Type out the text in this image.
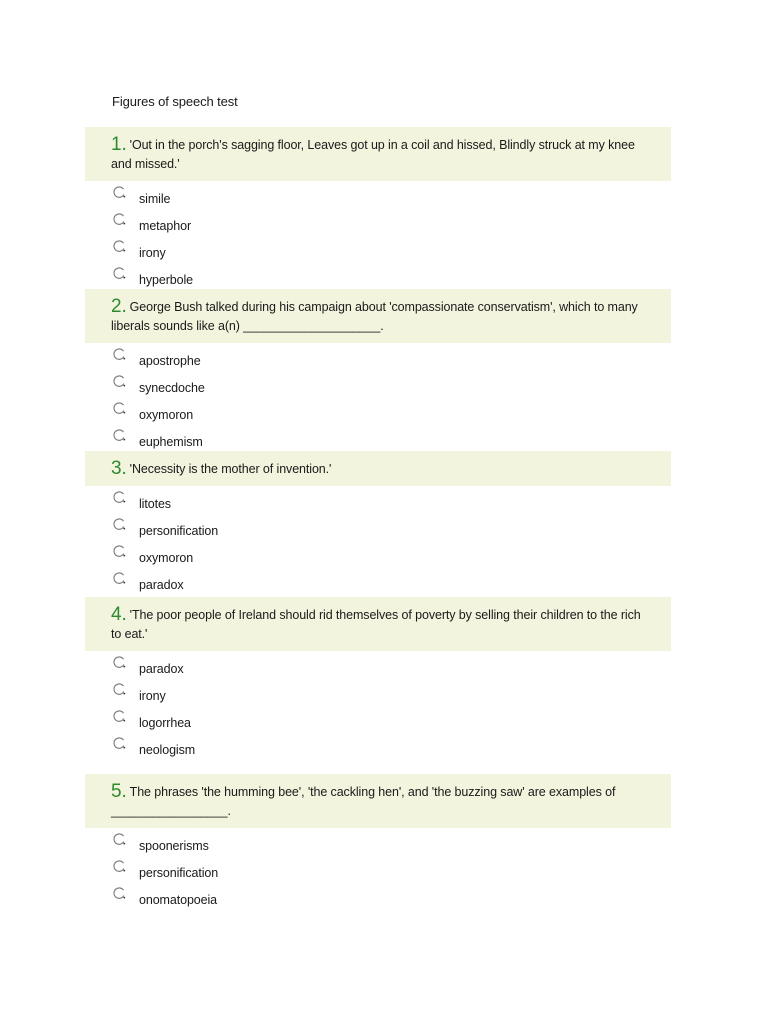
Figures of speech test
1. 'Out in the porch's sagging floor, Leaves got up in a coil and hissed, Blindly struck at my knee and missed.'
simile
metaphor
irony
hyperbole
2. George Bush talked during his campaign about 'compassionate conservatism', which to many liberals sounds like a(n) ____________________.
apostrophe
synecdoche
oxymoron
euphemism
3. 'Necessity is the mother of invention.'
litotes
personification
oxymoron
paradox
4. 'The poor people of Ireland should rid themselves of poverty by selling their children to the rich to eat.'
paradox
irony
logorrhea
neologism
5. The phrases 'the humming bee', 'the cackling hen', and 'the buzzing saw' are examples of _________________.
spoonerisms
personification
onomatopoeia
